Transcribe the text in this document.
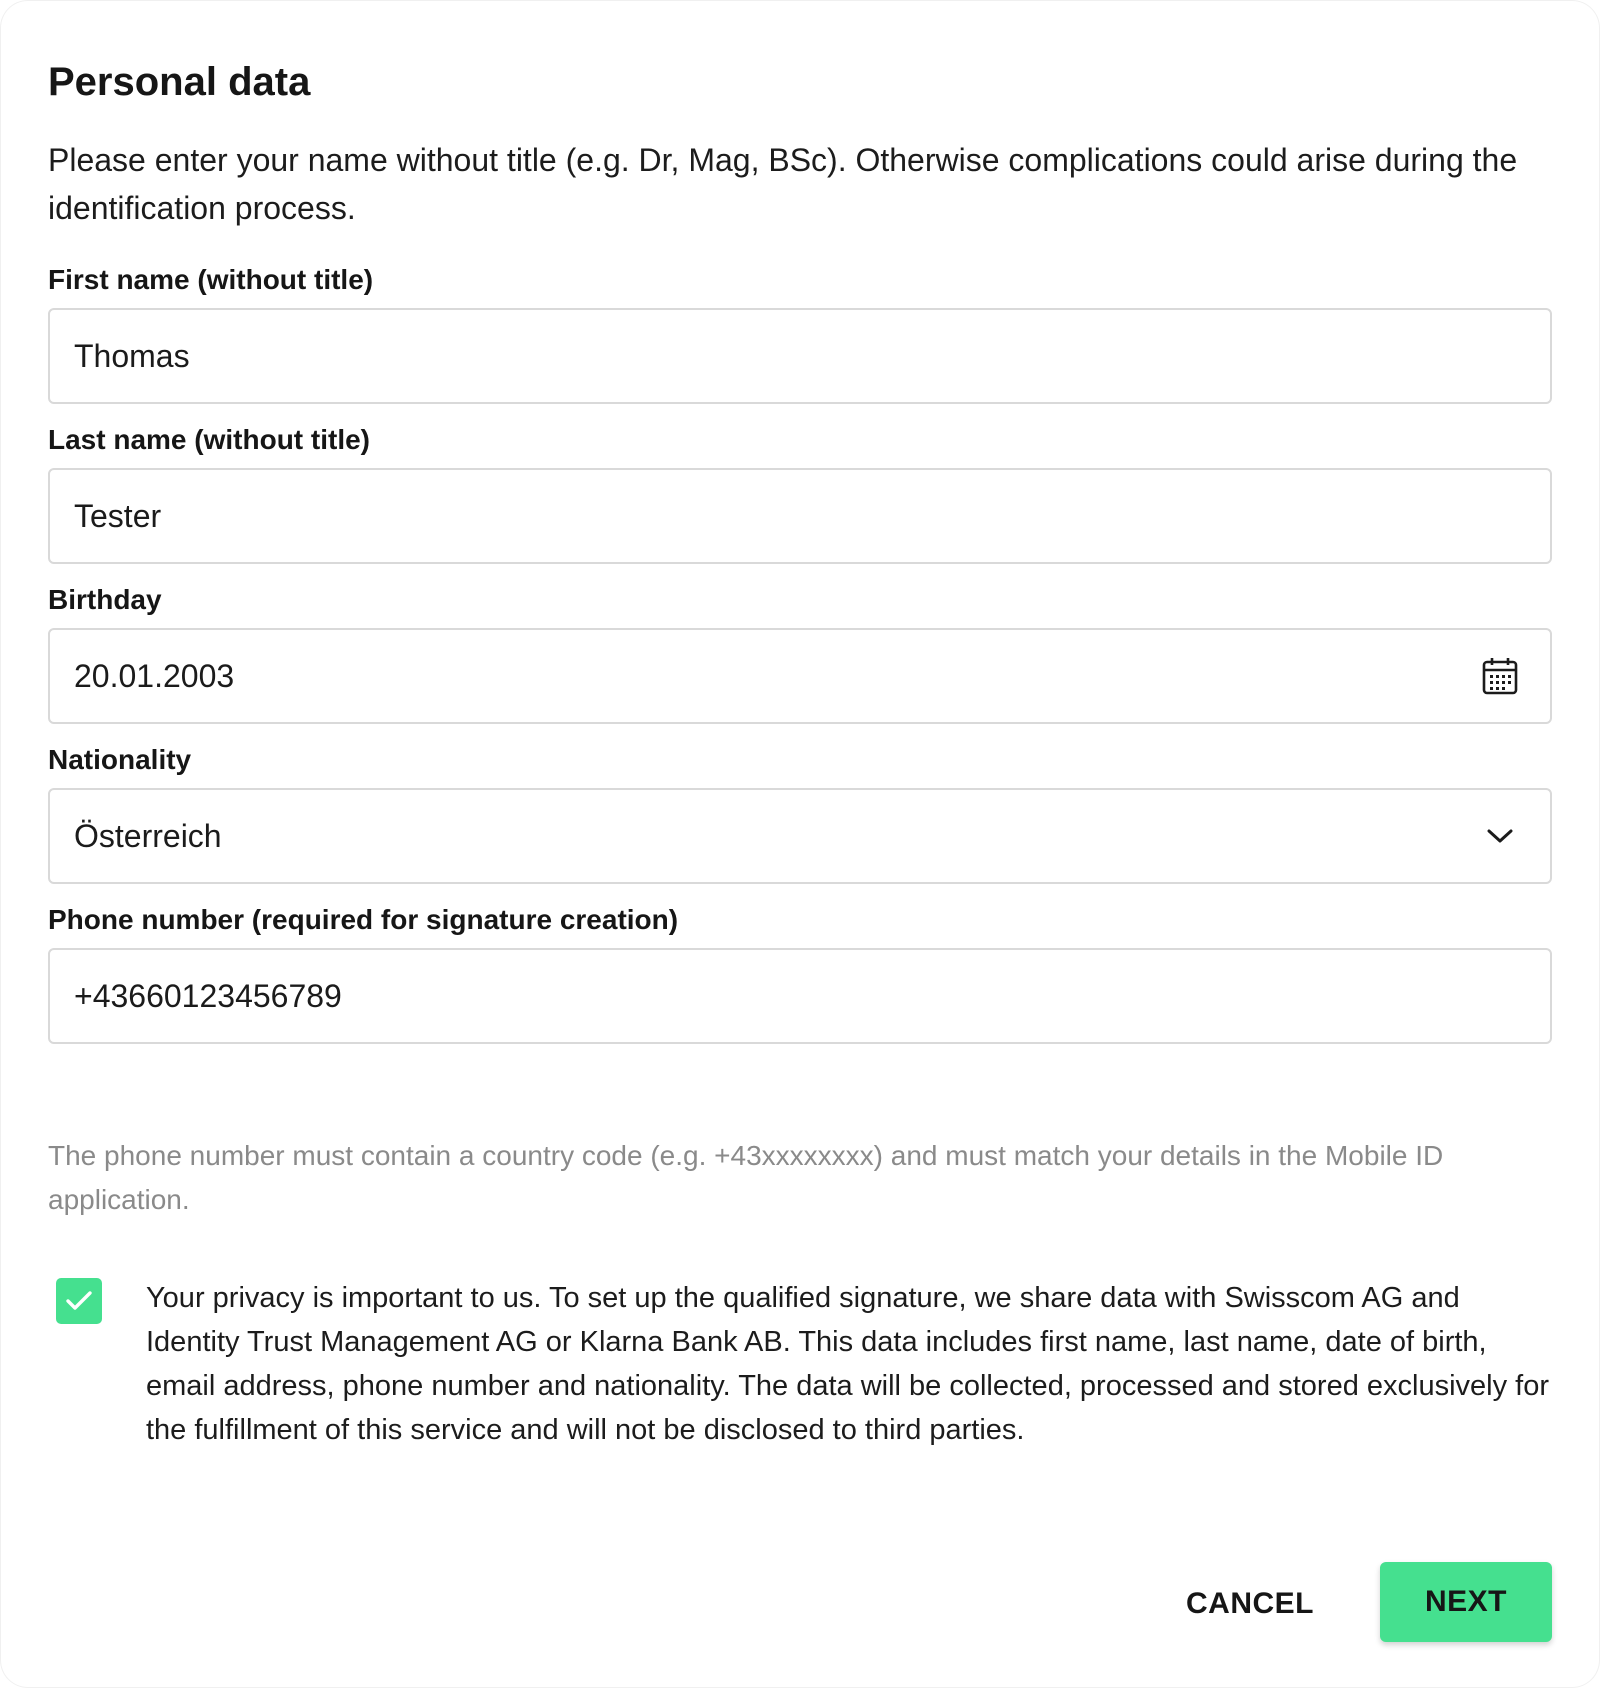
Personal data

Please enter your name without title (e.g. Dr, Mag, BSc). Otherwise complications could arise during the identification process.

First name (without title)
Thomas
Last name (without title)
Tester
Birthday
20.01.2003
Nationality
Österreich
Phone number (required for signature creation)
+43660123456789
The phone number must contain a country code (e.g. +43xxxxxxxx) and must match your details in the Mobile ID application.
Your privacy is important to us. To set up the qualified signature, we share data with Swisscom AG and Identity Trust Management AG or Klarna Bank AB. This data includes first name, last name, date of birth, email address, phone number and nationality. The data will be collected, processed and stored exclusively for the fulfillment of this service and will not be disclosed to third parties.
CANCEL	NEXT
